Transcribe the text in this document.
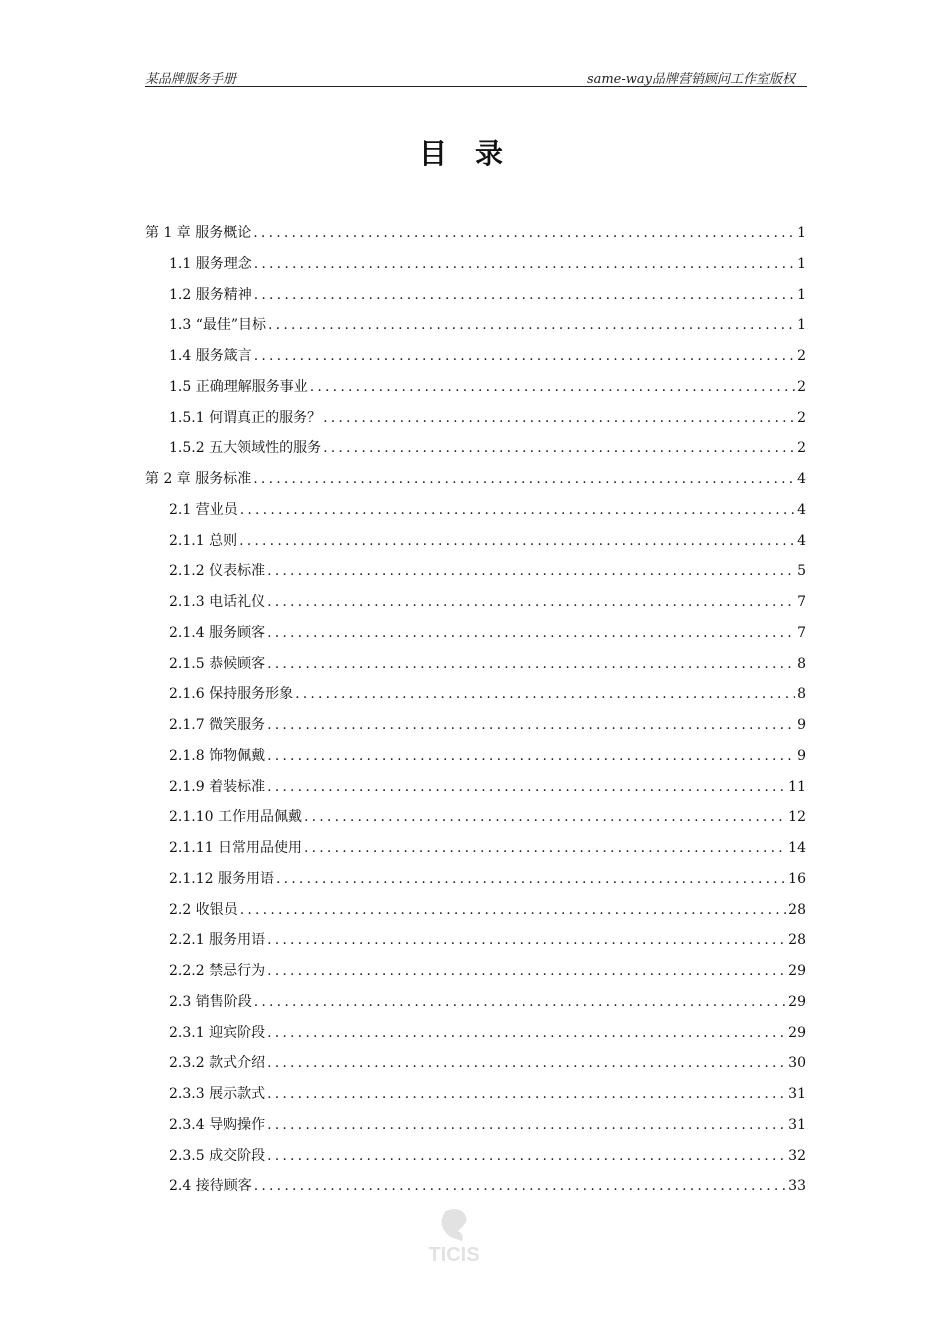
某品牌服务手册	same-way品牌营销顾问工作室版权
目录
第 1 章 服务概论 .....	1
1.1 服务理念 .....	1
1.2 服务精神 .....	1
1.3 “最佳”目标 .....	1
1.4 服务箴言 .....	2
1.5 正确理解服务事业 .....	2
1.5.1 何谓真正的服务？ .....	2
1.5.2 五大领域性的服务 .....	2
第 2 章 服务标准 .....	4
2.1 营业员 .....	4
2.1.1 总则 .....	4
2.1.2 仪表标准 .....	5
2.1.3 电话礼仪 .....	7
2.1.4 服务顾客 .....	7
2.1.5 恭候顾客 .....	8
2.1.6 保持服务形象 .....	8
2.1.7 微笑服务 .....	9
2.1.8 饰物佩戴 .....	9
2.1.9 着装标准 .....	11
2.1.10 工作用品佩戴 .....	12
2.1.11 日常用品使用 .....	14
2.1.12 服务用语 .....	16
2.2 收银员 .....	28
2.2.1 服务用语 .....	28
2.2.2 禁忌行为 .....	29
2.3 销售阶段 .....	29
2.3.1 迎宾阶段 .....	29
2.3.2 款式介绍 .....	30
2.3.3 展示款式 .....	31
2.3.4 导购操作 .....	31
2.3.5 成交阶段 .....	32
2.4 接待顾客 .....	33
TICIS
